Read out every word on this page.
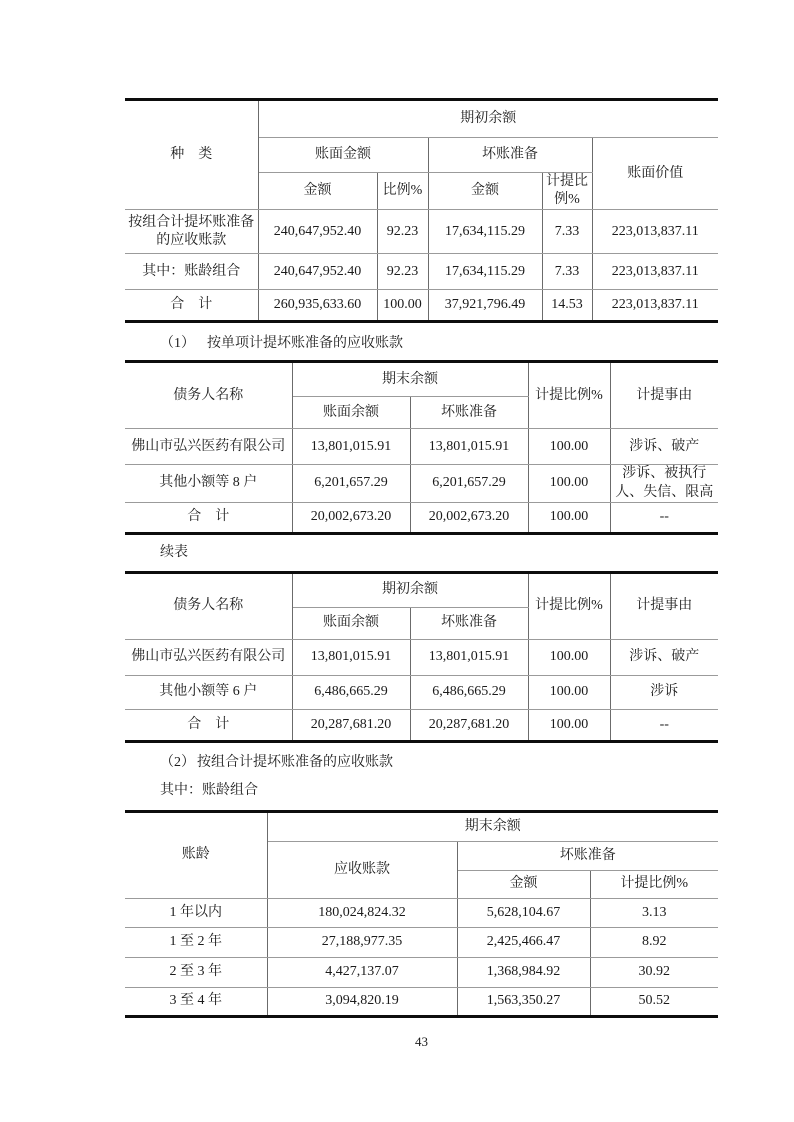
种　类	期初余额				
	账面金额		坏账准备		账面价值
	金额	比例%	金额	计提比例%	
按组合计提坏账准备的应收账款	240,647,952.40	92.23	17,634,115.29	7.33	223,013,837.11
其中：账龄组合	240,647,952.40	92.23	17,634,115.29	7.33	223,013,837.11
合　计	260,935,633.60	100.00	37,921,796.49	14.53	223,013,837.11
（1） 按单项计提坏账准备的应收账款
债务人名称	期末余额		计提比例%	计提事由
	账面余额	坏账准备		
佛山市弘兴医药有限公司	13,801,015.91	13,801,015.91	100.00	涉诉、破产
其他小额等 8 户	6,201,657.29	6,201,657.29	100.00	涉诉、被执行人、失信、限高
合　计	20,002,673.20	20,002,673.20	100.00	--
续表
债务人名称	期初余额		计提比例%	计提事由
	账面余额	坏账准备		
佛山市弘兴医药有限公司	13,801,015.91	13,801,015.91	100.00	涉诉、破产
其他小额等 6 户	6,486,665.29	6,486,665.29	100.00	涉诉
合　计	20,287,681.20	20,287,681.20	100.00	--
（2） 按组合计提坏账准备的应收账款
其中：账龄组合
账龄	期末余额		
	应收账款	坏账准备	
		金额	计提比例%
1 年以内	180,024,824.32	5,628,104.67	3.13
1 至 2 年	27,188,977.35	2,425,466.47	8.92
2 至 3 年	4,427,137.07	1,368,984.92	30.92
3 至 4 年	3,094,820.19	1,563,350.27	50.52
43
